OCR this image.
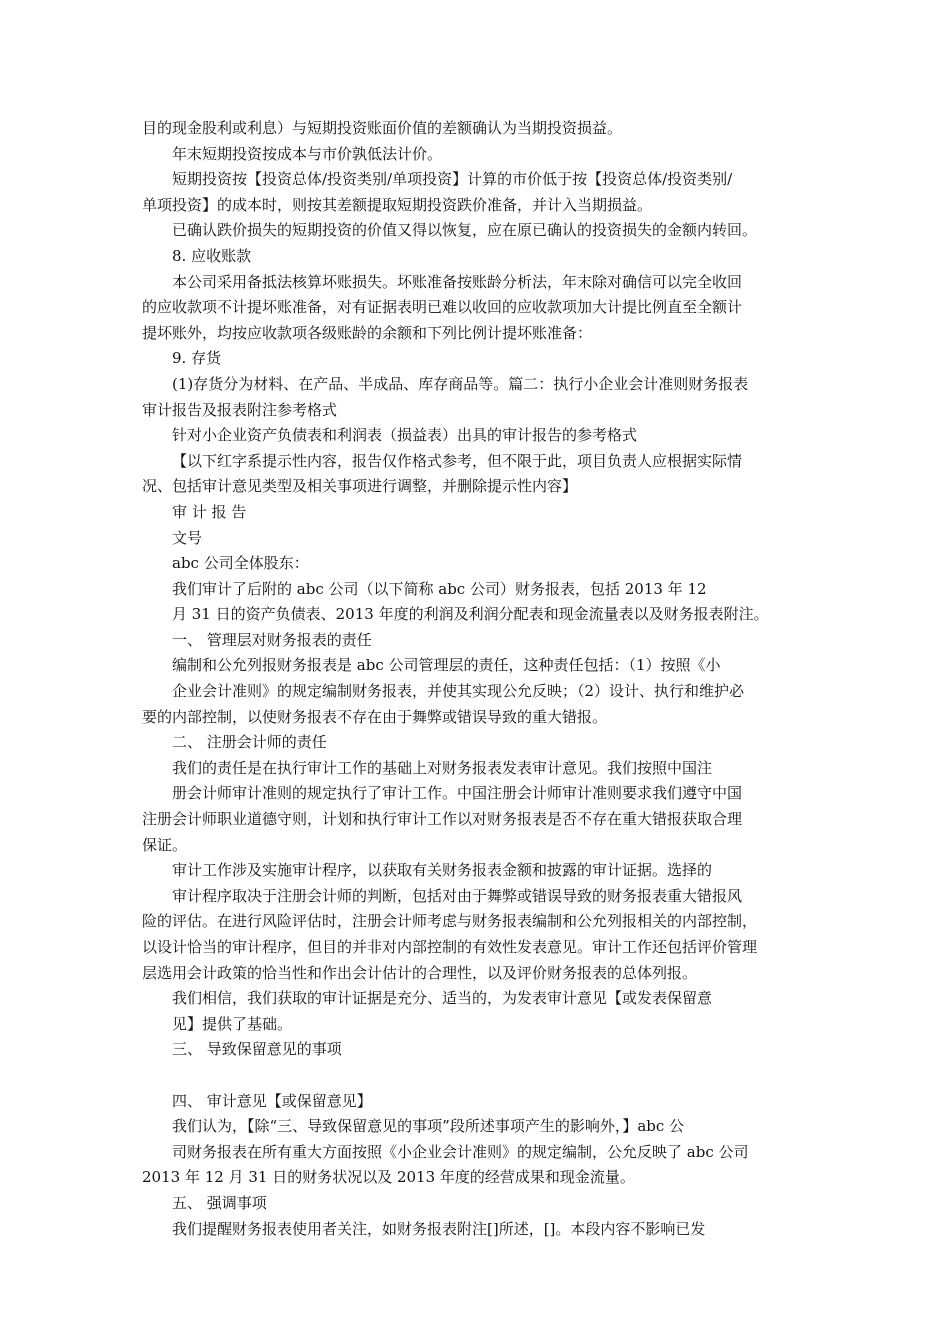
目的现金股利或利息）与短期投资账面价值的差额确认为当期投资损益。
年末短期投资按成本与市价孰低法计价。
短期投资按【投资总体/投资类别/单项投资】计算的市价低于按【投资总体/投资类别/
单项投资】的成本时，则按其差额提取短期投资跌价准备，并计入当期损益。
已确认跌价损失的短期投资的价值又得以恢复，应在原已确认的投资损失的金额内转回。
8. 应收账款
本公司采用备抵法核算坏账损失。坏账准备按账龄分析法，年末除对确信可以完全收回
的应收款项不计提坏账准备，对有证据表明已难以收回的应收款项加大计提比例直至全额计
提坏账外，均按应收款项各级账龄的余额和下列比例计提坏账准备：
9. 存货
(1)存货分为材料、在产品、半成品、库存商品等。篇二：执行小企业会计准则财务报表
审计报告及报表附注参考格式
针对小企业资产负债表和利润表（损益表）出具的审计报告的参考格式
【以下红字系提示性内容，报告仅作格式参考，但不限于此，项目负责人应根据实际情
况、包括审计意见类型及相关事项进行调整，并删除提示性内容】
审 计 报 告
文号
abc 公司全体股东：
我们审计了后附的 abc 公司（以下简称 abc 公司）财务报表，包括 2013 年 12
月 31 日的资产负债表、2013 年度的利润及利润分配表和现金流量表以及财务报表附注。
一、 管理层对财务报表的责任
编制和公允列报财务报表是 abc 公司管理层的责任，这种责任包括：（1）按照《小
企业会计准则》的规定编制财务报表，并使其实现公允反映；（2）设计、执行和维护必
要的内部控制，以使财务报表不存在由于舞弊或错误导致的重大错报。
二、 注册会计师的责任
我们的责任是在执行审计工作的基础上对财务报表发表审计意见。我们按照中国注
册会计师审计准则的规定执行了审计工作。中国注册会计师审计准则要求我们遵守中国
注册会计师职业道德守则，计划和执行审计工作以对财务报表是否不存在重大错报获取合理
保证。
审计工作涉及实施审计程序，以获取有关财务报表金额和披露的审计证据。选择的
审计程序取决于注册会计师的判断，包括对由于舞弊或错误导致的财务报表重大错报风
险的评估。在进行风险评估时，注册会计师考虑与财务报表编制和公允列报相关的内部控制，
以设计恰当的审计程序，但目的并非对内部控制的有效性发表意见。审计工作还包括评价管理
层选用会计政策的恰当性和作出会计估计的合理性，以及评价财务报表的总体列报。
我们相信，我们获取的审计证据是充分、适当的，为发表审计意见【或发表保留意
见】提供了基础。
三、 导致保留意见的事项
四、 审计意见【或保留意见】
我们认为，【除“三、导致保留意见的事项”段所述事项产生的影响外，】abc 公
司财务报表在所有重大方面按照《小企业会计准则》的规定编制，公允反映了 abc 公司
2013 年 12 月 31 日的财务状况以及 2013 年度的经营成果和现金流量。
五、 强调事项
我们提醒财务报表使用者关注，如财务报表附注[]所述，[]。本段内容不影响已发
